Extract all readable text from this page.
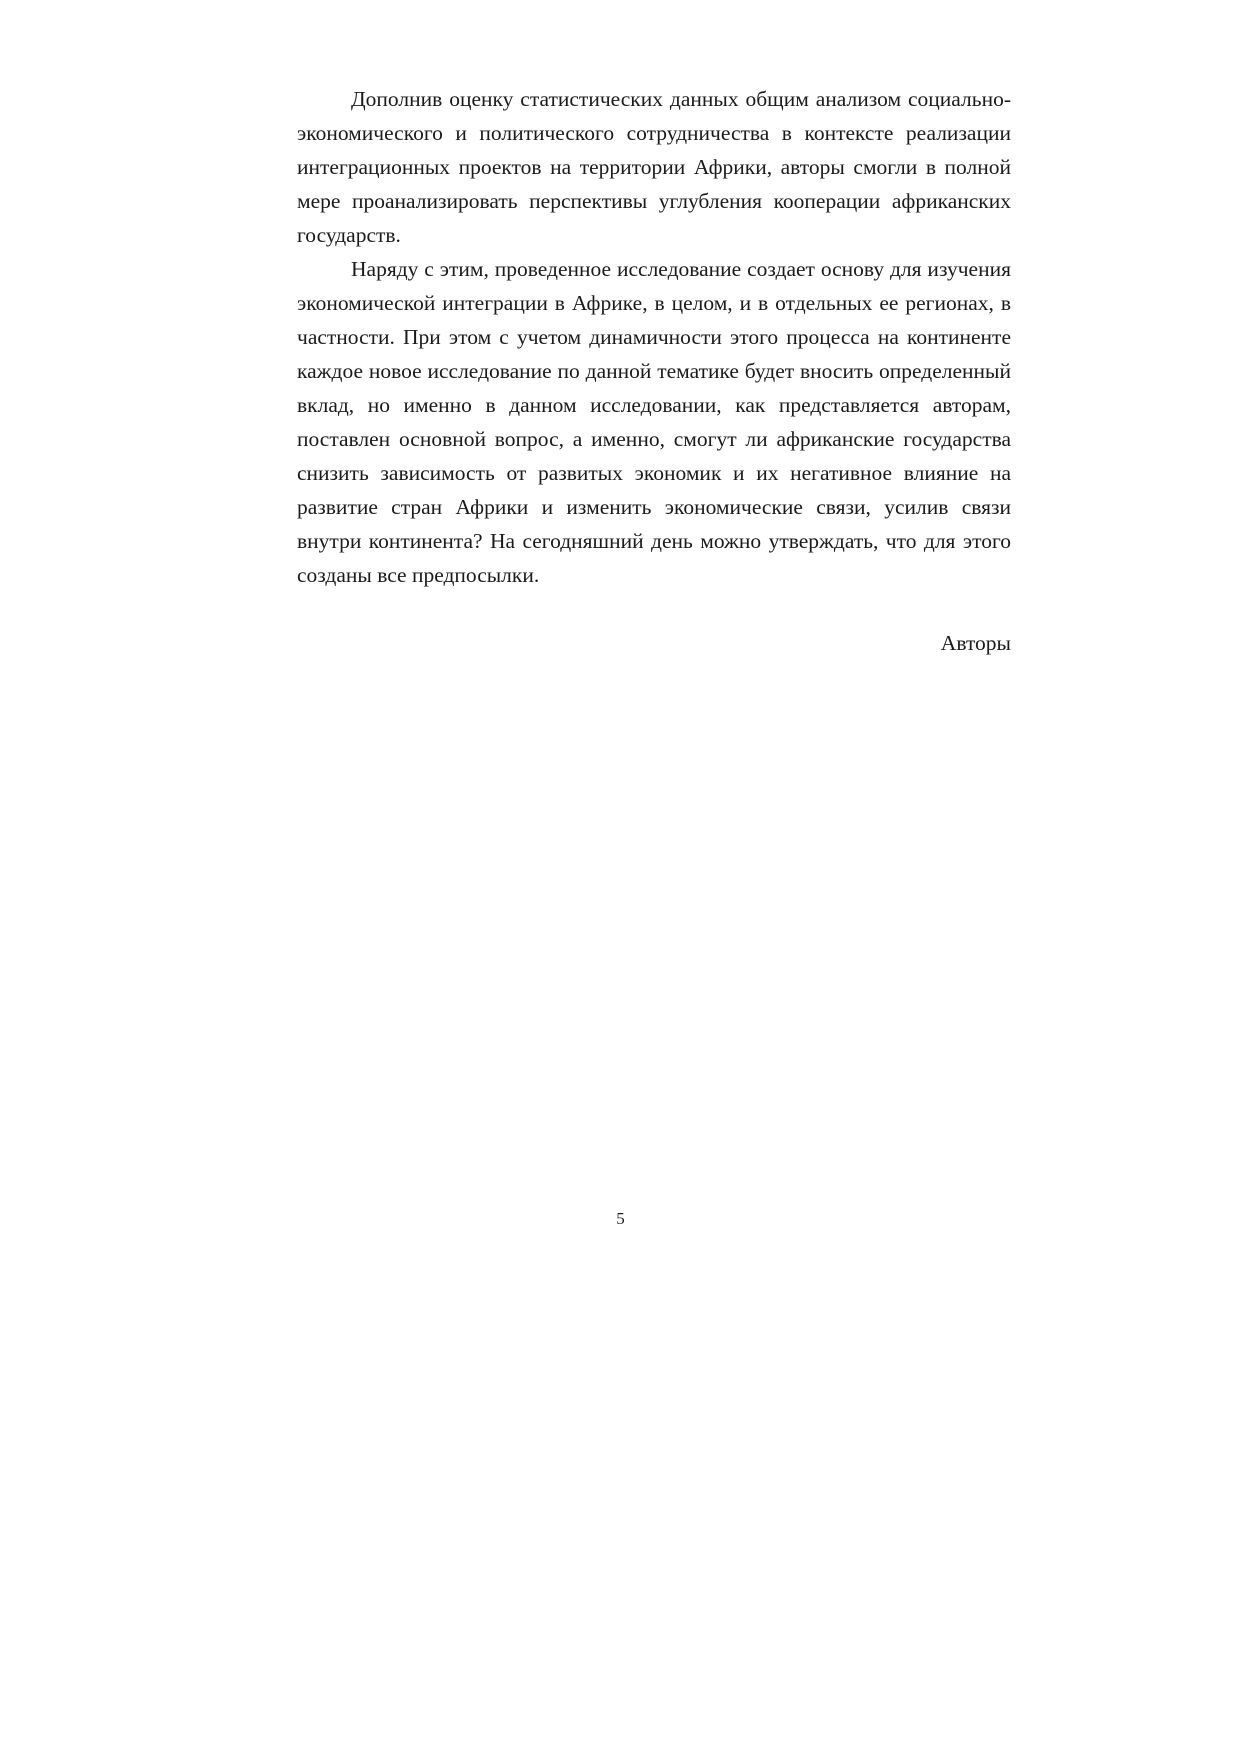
Дополнив оценку статистических данных общим анализом социально-экономического и политического сотрудничества в контексте реализации интеграционных проектов на территории Африки, авторы смогли в полной мере проанализировать перспективы углубления кооперации африканских государств.

Наряду с этим, проведенное исследование создает основу для изучения экономической интеграции в Африке, в целом, и в отдельных ее регионах, в частности. При этом с учетом динамичности этого процесса на континенте каждое новое исследование по данной тематике будет вносить определенный вклад, но именно в данном исследовании, как представляется авторам, поставлен основной вопрос, а именно, смогут ли африканские государства снизить зависимость от развитых экономик и их негативное влияние на развитие стран Африки и изменить экономические связи, усилив связи внутри континента? На сегодняшний день можно утверждать, что для этого созданы все предпосылки.

Авторы

5
